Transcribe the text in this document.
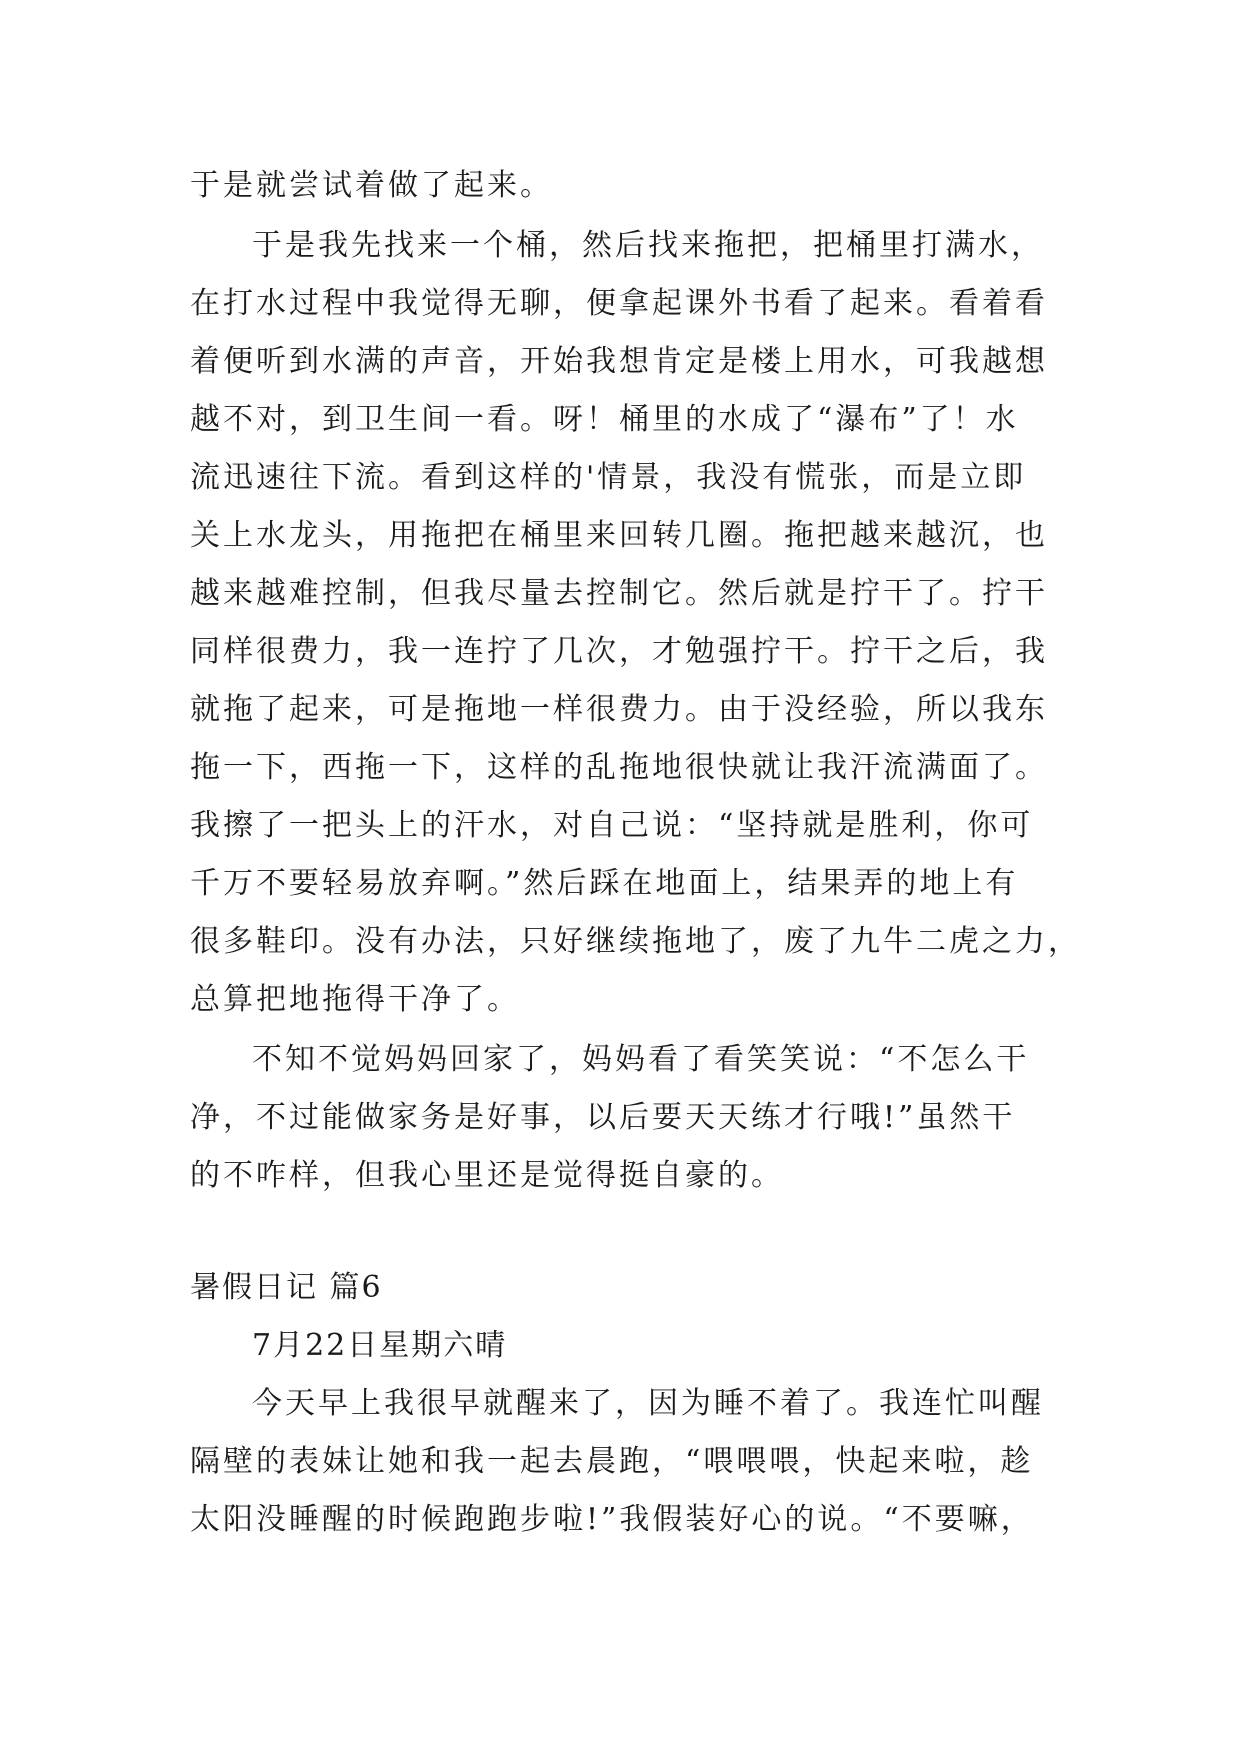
于是就尝试着做了起来。
于是我先找来一个桶，然后找来拖把，把桶里打满水，
在打水过程中我觉得无聊，便拿起课外书看了起来。看着看
着便听到水满的声音，开始我想肯定是楼上用水，可我越想
越不对，到卫生间一看。呀！桶里的水成了“瀑布”了！水
流迅速往下流。看到这样的'情景，我没有慌张，而是立即
关上水龙头，用拖把在桶里来回转几圈。拖把越来越沉，也
越来越难控制，但我尽量去控制它。然后就是拧干了。拧干
同样很费力，我一连拧了几次，才勉强拧干。拧干之后，我
就拖了起来，可是拖地一样很费力。由于没经验，所以我东
拖一下，西拖一下，这样的乱拖地很快就让我汗流满面了。
我擦了一把头上的汗水，对自己说：“坚持就是胜利，你可
千万不要轻易放弃啊。”然后踩在地面上，结果弄的地上有
很多鞋印。没有办法，只好继续拖地了，废了九牛二虎之力，
总算把地拖得干净了。
不知不觉妈妈回家了，妈妈看了看笑笑说：“不怎么干
净，不过能做家务是好事，以后要天天练才行哦!”虽然干
的不咋样，但我心里还是觉得挺自豪的。
暑假日记 篇6
7月22日星期六晴
今天早上我很早就醒来了，因为睡不着了。我连忙叫醒
隔壁的表妹让她和我一起去晨跑，“喂喂喂，快起来啦，趁
太阳没睡醒的时候跑跑步啦!”我假装好心的说。“不要嘛，
